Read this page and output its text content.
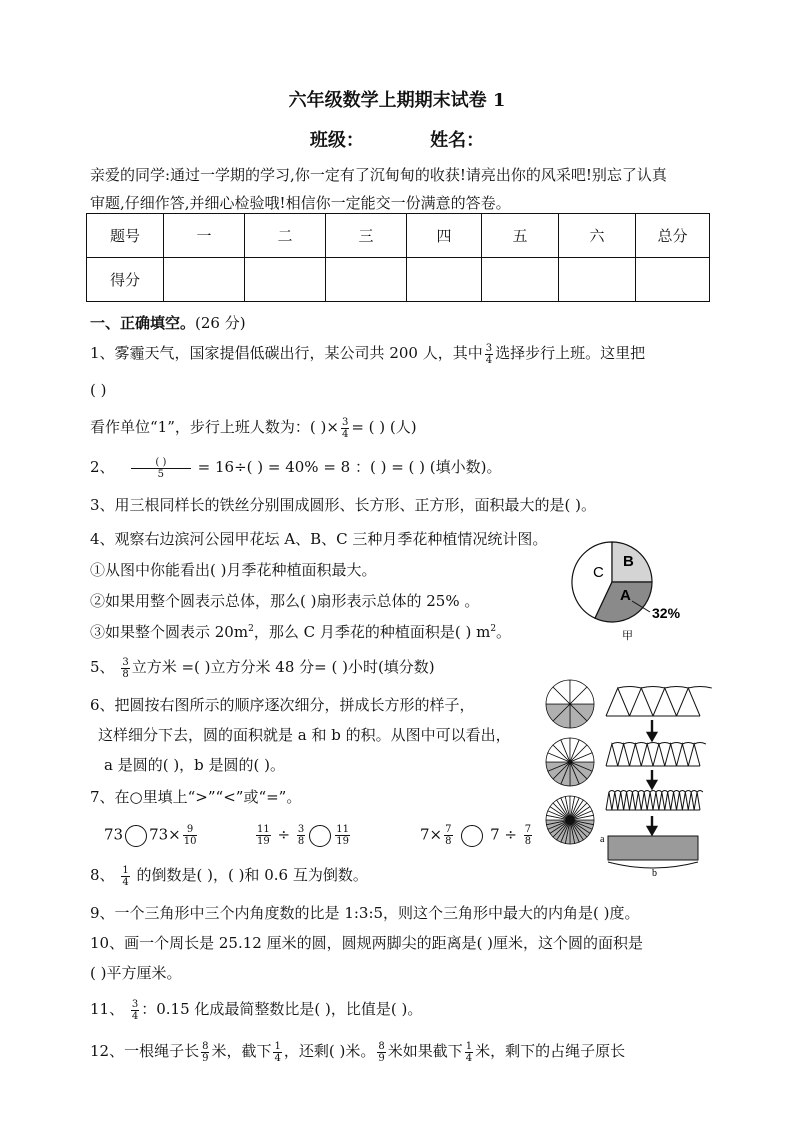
六年级数学上期期末试卷 1
班级：	姓名：
亲爱的同学:通过一学期的学习,你一定有了沉甸甸的收获!请亮出你的风采吧!别忘了认真
审题,仔细作答,并细心检验哦!相信你一定能交一份满意的答卷。
题号	一	二	三	四	五	六	总分
得分							
一、正确填空。(26 分)
1、雾霾天气，国家提倡低碳出行，某公司共 200 人，其中 $\frac{3}{4}$ 选择步行上班。这里把
( )
看作单位“1”，步行上班人数为：( )× $\frac{3}{4}$ = ( ) (人)
2、 $\frac{( )}{5} = 16\div$( ) = 40% = 8 ：( ) = ( ) (填小数)。
3、用三根同样长的铁丝分别围成圆形、长方形、正方形，面积最大的是( )。
4、观察右边滨河公园甲花坛 A、B、C 三种月季花种植情况统计图。
①从图中你能看出( )月季花种植面积最大。
②如果用整个圆表示总体，那么( )扇形表示总体的 25% 。
③如果整个圆表示 $20m^2$，那么 C 月季花的种植面积是( ) $m^2$。
C
B
A
32%
甲
5、 $\frac{3}{8}$ 立方米 =( )立方分米 48 分= ( )小时(填分数)
6、把圆按右图所示的顺序逐次细分，拼成长方形的样子，
这样细分下去，圆的面积就是 a 和 b 的积。从图中可以看出，
a 是圆的( )，b 是圆的( )。
a
b
7、在○里填上“>”“<”或“=”。
73 $73\times \frac{9}{10}$	$\frac{11}{19} \div \frac{3}{8}$	$\frac{11}{19}$	$7\times \frac{7}{8}$	$7 \div \frac{7}{8}$
8、 $\frac{1}{4}$ 的倒数是( )，( )和 0.6 互为倒数。
9、一个三角形中三个内角度数的比是 1:3:5，则这个三角形中最大的内角是( )度。
10、画一个周长是 25.12 厘米的圆，圆规两脚尖的距离是( )厘米，这个圆的面积是
( )平方厘米。
11、 $\frac{3}{4}$ ：0.15 化成最简整数比是( )，比值是( )。
12、一根绳子长 $\frac{8}{9}$ 米，截下 $\frac{1}{4}$ ，还剩( )米。 $\frac{8}{9}$ 米如果截下 $\frac{1}{4}$ 米，剩下的占绳子原长
